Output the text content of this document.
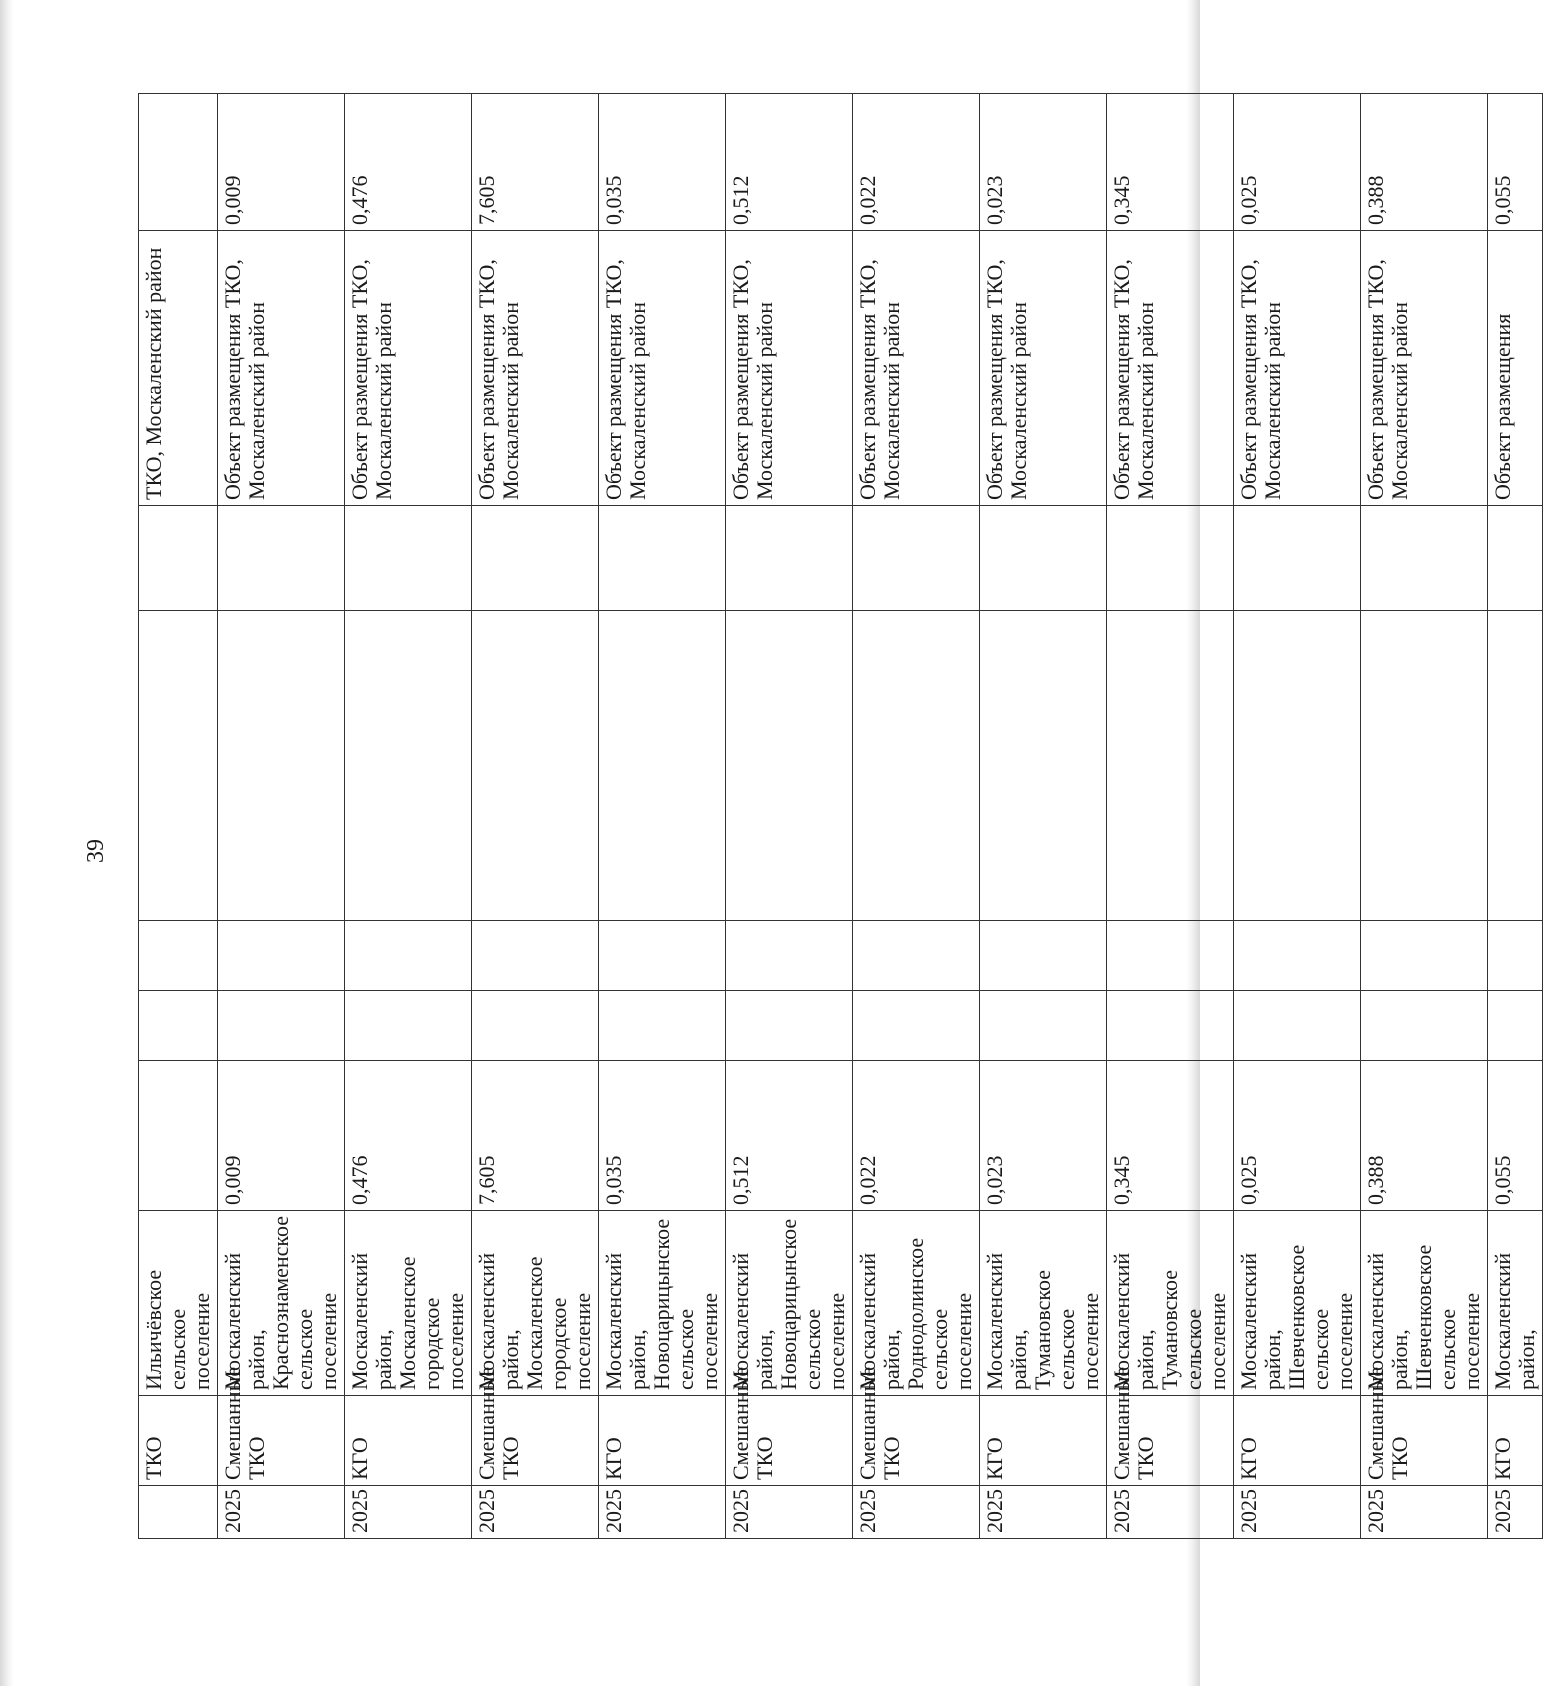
39
	ТКО	Ильичёвское сельское поселение						ТКО, Москаленский район	
2025	Смешанные ТКО	Москаленский район, Краснознаменское сельское поселение	0,009					Объект размещения ТКО, Москаленский район	0,009
2025	КГО	Москаленский район, Москаленское городское поселение	0,476					Объект размещения ТКО, Москаленский район	0,476
2025	Смешанные ТКО	Москаленский район, Москаленское городское поселение	7,605					Объект размещения ТКО, Москаленский район	7,605
2025	КГО	Москаленский район, Новоцарицынское сельское поселение	0,035					Объект размещения ТКО, Москаленский район	0,035
2025	Смешанные ТКО	Москаленский район, Новоцарицынское сельское поселение	0,512					Объект размещения ТКО, Москаленский район	0,512
2025	Смешанные ТКО	Москаленский район, Роднодолинское сельское поселение	0,022					Объект размещения ТКО, Москаленский район	0,022
2025	КГО	Москаленский район, Тумановское сельское поселение	0,023					Объект размещения ТКО, Москаленский район	0,023
2025	Смешанные ТКО	Москаленский район, Тумановское сельское поселение	0,345					Объект размещения ТКО, Москаленский район	0,345
2025	КГО	Москаленский район, Шевченковское сельское поселение	0,025					Объект размещения ТКО, Москаленский район	0,025
2025	Смешанные ТКО	Москаленский район, Шевченковское сельское поселение	0,388					Объект размещения ТКО, Москаленский район	0,388
2025	КГО	Москаленский район,	0,055					Объект размещения	0,055
